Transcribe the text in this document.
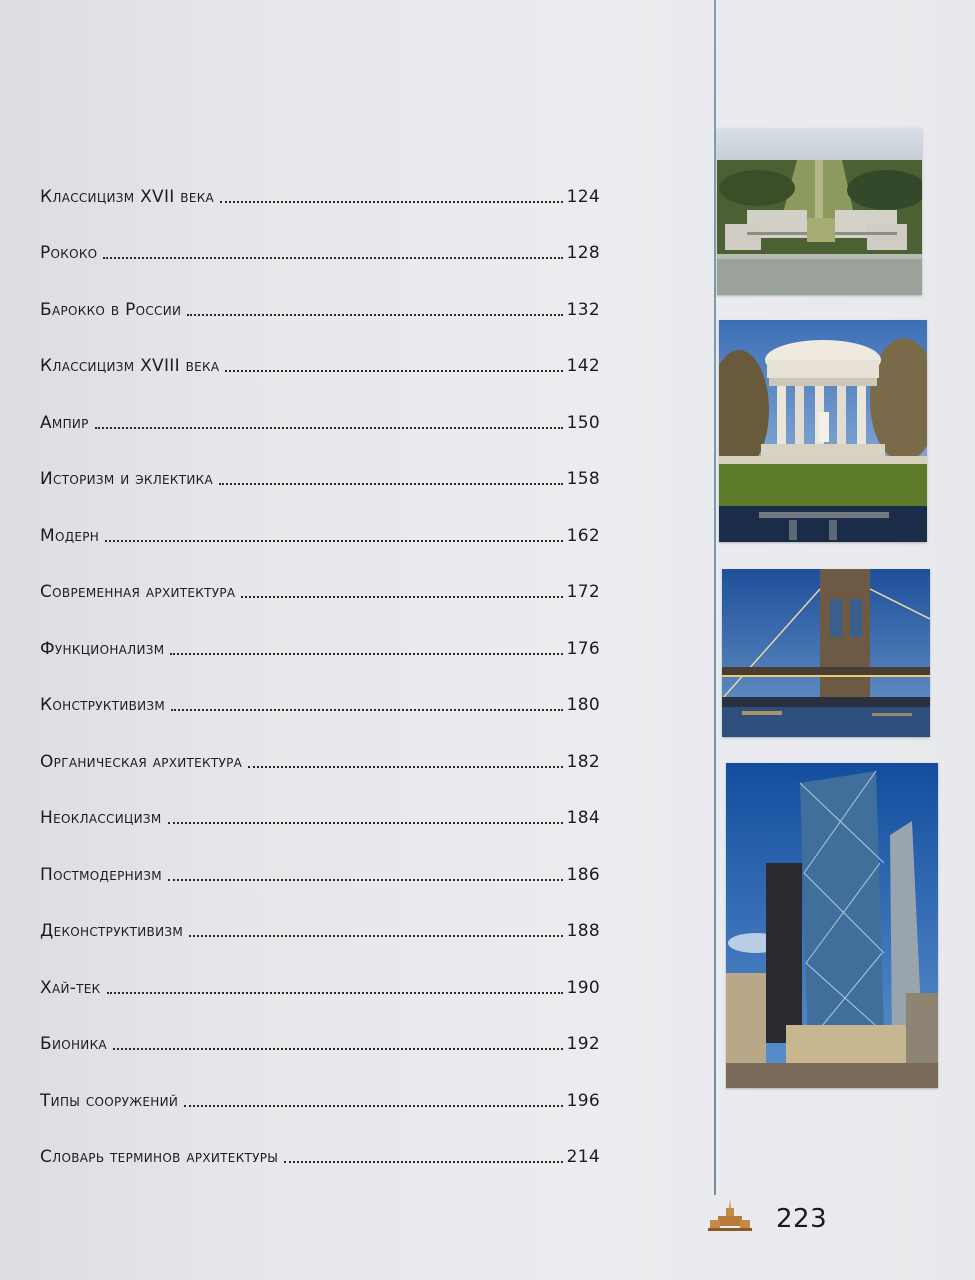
Классицизм XVII века	124
Рококо	128
Барокко в России	132
Классицизм XVIII века	142
Ампир	150
Историзм и эклектика	158
Модерн	162
Современная архитектура	172
Функционализм	176
Конструктивизм	180
Органическая архитектура	182
Неоклассицизм	184
Постмодернизм	186
Деконструктивизм	188
Хай-тек	190
Бионика	192
Типы сооружений	196
Словарь терминов архитектуры	214
223
